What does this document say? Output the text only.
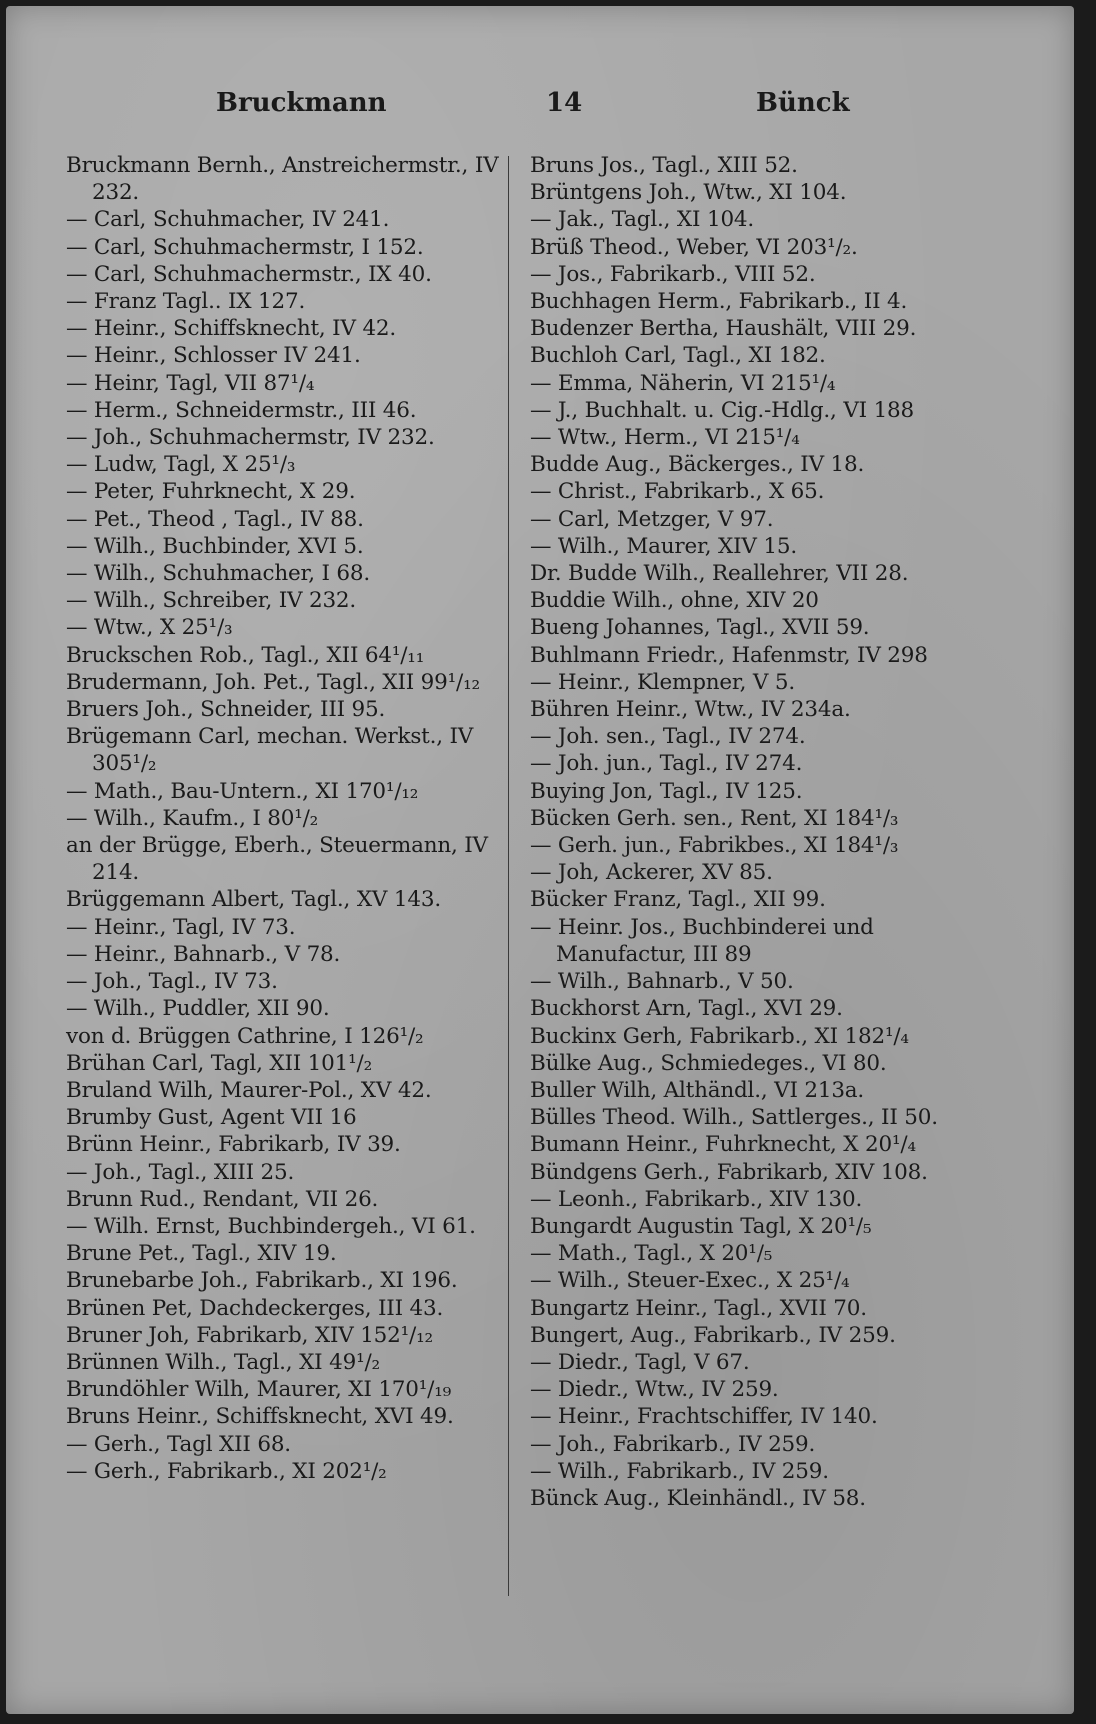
Bruckmann	14	Bünck
Bruckmann Bernh., Anstreichermstr., IV 232.
— Carl, Schuhmacher, IV 241.
— Carl, Schuhmachermstr, I 152.
— Carl, Schuhmachermstr., IX 40.
— Franz Tagl.. IX 127.
— Heinr., Schiffsknecht, IV 42.
— Heinr., Schlosser IV 241.
— Heinr, Tagl, VII 87¹/₄
— Herm., Schneidermstr., III 46.
— Joh., Schuhmachermstr, IV 232.
— Ludw, Tagl, X 25¹/₃
— Peter, Fuhrknecht, X 29.
— Pet., Theod , Tagl., IV 88.
— Wilh., Buchbinder, XVI 5.
— Wilh., Schuhmacher, I 68.
— Wilh., Schreiber, IV 232.
— Wtw., X 25¹/₃
Bruckschen Rob., Tagl., XII 64¹/₁₁
Brudermann, Joh. Pet., Tagl., XII 99¹/₁₂
Bruers Joh., Schneider, III 95.
Brügemann Carl, mechan. Werkst., IV 305¹/₂
— Math., Bau-Untern., XI 170¹/₁₂
— Wilh., Kaufm., I 80¹/₂
an der Brügge, Eberh., Steuermann, IV 214.
Brüggemann Albert, Tagl., XV 143.
— Heinr., Tagl, IV 73.
— Heinr., Bahnarb., V 78.
— Joh., Tagl., IV 73.
— Wilh., Puddler, XII 90.
von d. Brüggen Cathrine, I 126¹/₂
Brühan Carl, Tagl, XII 101¹/₂
Bruland Wilh, Maurer-Pol., XV 42.
Brumby Gust, Agent VII 16
Brünn Heinr., Fabrikarb, IV 39.
— Joh., Tagl., XIII 25.
Brunn Rud., Rendant, VII 26.
— Wilh. Ernst, Buchbindergeh., VI 61.
Brune Pet., Tagl., XIV 19.
Brunebarbe Joh., Fabrikarb., XI 196.
Brünen Pet, Dachdeckerges, III 43.
Bruner Joh, Fabrikarb, XIV 152¹/₁₂
Brünnen Wilh., Tagl., XI 49¹/₂
Brundöhler Wilh, Maurer, XI 170¹/₁₉
Bruns Heinr., Schiffsknecht, XVI 49.
— Gerh., Tagl XII 68.
— Gerh., Fabrikarb., XI 202¹/₂
Bruns Jos., Tagl., XIII 52.
Brüntgens Joh., Wtw., XI 104.
— Jak., Tagl., XI 104.
Brüß Theod., Weber, VI 203¹/₂.
— Jos., Fabrikarb., VIII 52.
Buchhagen Herm., Fabrikarb., II 4.
Budenzer Bertha, Haushält, VIII 29.
Buchloh Carl, Tagl., XI 182.
— Emma, Näherin, VI 215¹/₄
— J., Buchhalt. u. Cig.-Hdlg., VI 188
— Wtw., Herm., VI 215¹/₄
Budde Aug., Bäckerges., IV 18.
— Christ., Fabrikarb., X 65.
— Carl, Metzger, V 97.
— Wilh., Maurer, XIV 15.
Dr. Budde Wilh., Reallehrer, VII 28.
Buddie Wilh., ohne, XIV 20
Bueng Johannes, Tagl., XVII 59.
Buhlmann Friedr., Hafenmstr, IV 298
— Heinr., Klempner, V 5.
Bühren Heinr., Wtw., IV 234a.
— Joh. sen., Tagl., IV 274.
— Joh. jun., Tagl., IV 274.
Buying Jon, Tagl., IV 125.
Bücken Gerh. sen., Rent, XI 184¹/₃
— Gerh. jun., Fabrikbes., XI 184¹/₃
— Joh, Ackerer, XV 85.
Bücker Franz, Tagl., XII 99.
— Heinr. Jos., Buchbinderei und Manufactur, III 89
— Wilh., Bahnarb., V 50.
Buckhorst Arn, Tagl., XVI 29.
Buckinx Gerh, Fabrikarb., XI 182¹/₄
Bülke Aug., Schmiedeges., VI 80.
Buller Wilh, Althändl., VI 213a.
Bülles Theod. Wilh., Sattlerges., II 50.
Bumann Heinr., Fuhrknecht, X 20¹/₄
Bündgens Gerh., Fabrikarb, XIV 108.
— Leonh., Fabrikarb., XIV 130.
Bungardt Augustin Tagl, X 20¹/₅
— Math., Tagl., X 20¹/₅
— Wilh., Steuer-Exec., X 25¹/₄
Bungartz Heinr., Tagl., XVII 70.
Bungert, Aug., Fabrikarb., IV 259.
— Diedr., Tagl, V 67.
— Diedr., Wtw., IV 259.
— Heinr., Frachtschiffer, IV 140.
— Joh., Fabrikarb., IV 259.
— Wilh., Fabrikarb., IV 259.
Bünck Aug., Kleinhändl., IV 58.
